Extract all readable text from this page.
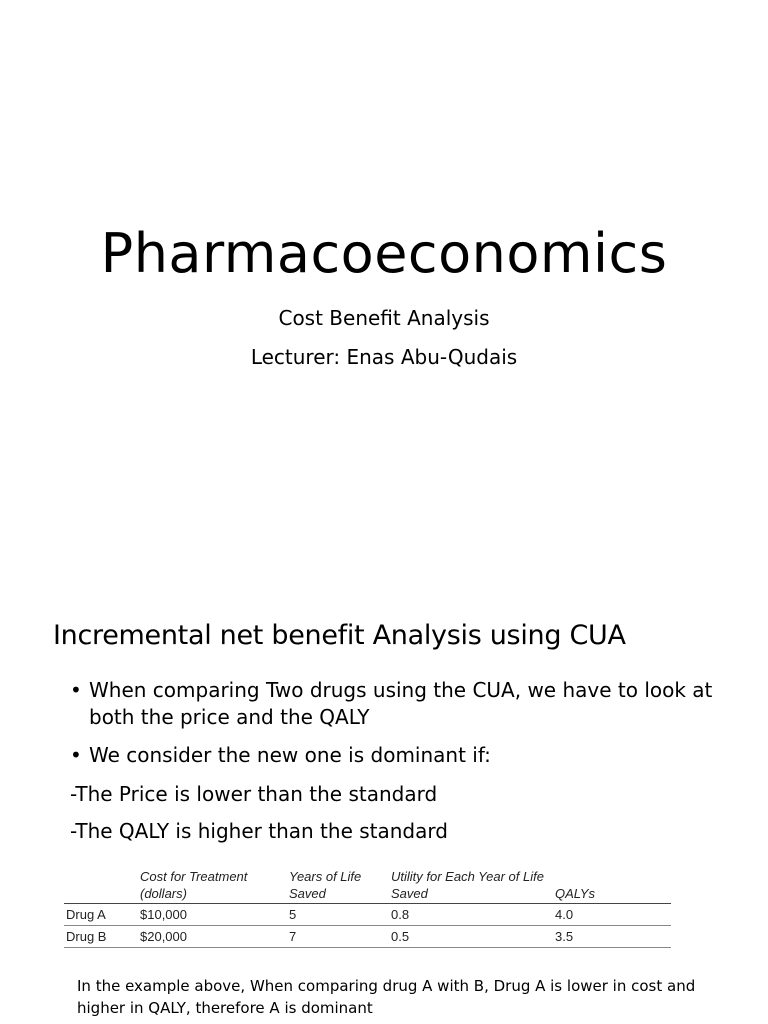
Pharmacoeconomics
Cost Benefit Analysis
Lecturer: Enas Abu-Qudais
Incremental net benefit Analysis using CUA
• When comparing Two drugs using the CUA, we have to look at both the price and the QALY
• We consider the new one is dominant if:
-The Price is lower than the standard
-The QALY is higher than the standard
	Cost for Treatment (dollars)	Years of Life Saved	Utility for Each Year of Life Saved	QALYs
Drug A	$10,000	5	0.8	4.0
Drug B	$20,000	7	0.5	3.5
In the example above, When comparing drug A with B, Drug A is lower in cost and higher in QALY, therefore A is dominant
